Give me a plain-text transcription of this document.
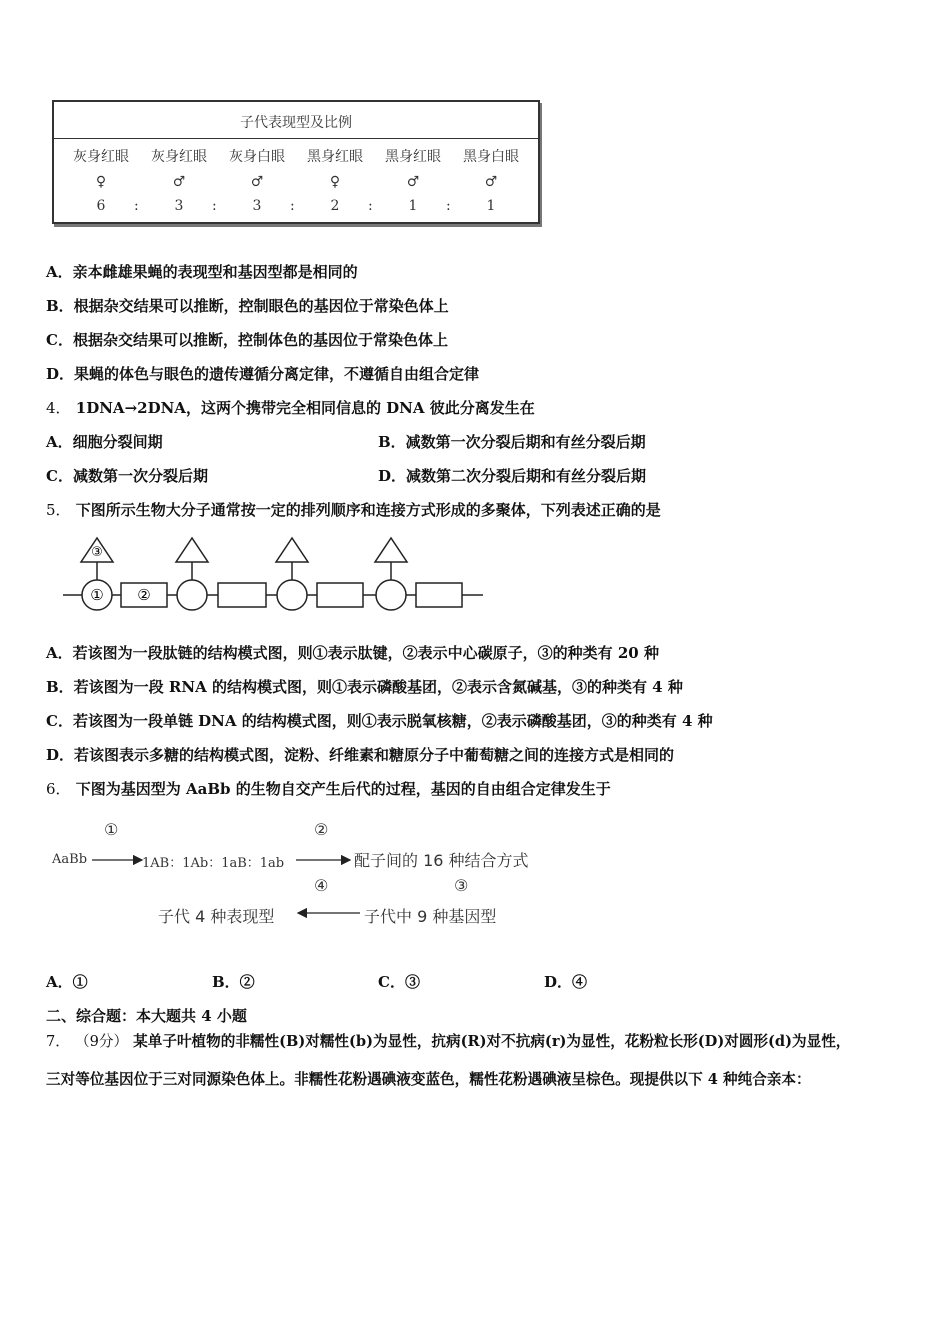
子代表现型及比例
灰身红眼	灰身红眼	灰身白眼	黑身红眼	黑身红眼	黑身白眼
♀	♂	♂	♀	♂	♂
6	3	3	2	1	1
:	:	:	:	:
A．亲本雌雄果蝇的表现型和基因型都是相同的
B．根据杂交结果可以推断，控制眼色的基因位于常染色体上
C．根据杂交结果可以推断，控制体色的基因位于常染色体上
D．果蝇的体色与眼色的遗传遵循分离定律，不遵循自由组合定律
4． 1DNA→2DNA，这两个携带完全相同信息的 DNA 彼此分离发生在
A．细胞分裂间期	B．减数第一次分裂后期和有丝分裂后期
C．减数第一次分裂后期	D．减数第二次分裂后期和有丝分裂后期
5． 下图所示生物大分子通常按一定的排列顺序和连接方式形成的多聚体，下列表述正确的是
③
① ②
A．若该图为一段肽链的结构模式图，则①表示肽键，②表示中心碳原子，③的种类有 20 种
B．若该图为一段 RNA 的结构模式图，则①表示磷酸基团，②表示含氮碱基，③的种类有 4 种
C．若该图为一段单链 DNA 的结构模式图，则①表示脱氧核糖，②表示磷酸基团，③的种类有 4 种
D．若该图表示多糖的结构模式图，淀粉、纤维素和糖原分子中葡萄糖之间的连接方式是相同的
6． 下图为基因型为 AaBb 的生物自交产生后代的过程，基因的自由组合定律发生于
①	②
AaBb	1AB：1Ab：1aB：1ab	配子间的 16 种结合方式
④	③
子代 4 种表现型	子代中 9 种基因型
A．①	B．②	C．③	D．④
二、综合题：本大题共 4 小题
7． （9分） 某单子叶植物的非糯性(B)对糯性(b)为显性，抗病(R)对不抗病(r)为显性，花粉粒长形(D)对圆形(d)为显性，
三对等位基因位于三对同源染色体上。非糯性花粉遇碘液变蓝色，糯性花粉遇碘液呈棕色。现提供以下 4 种纯合亲本：
